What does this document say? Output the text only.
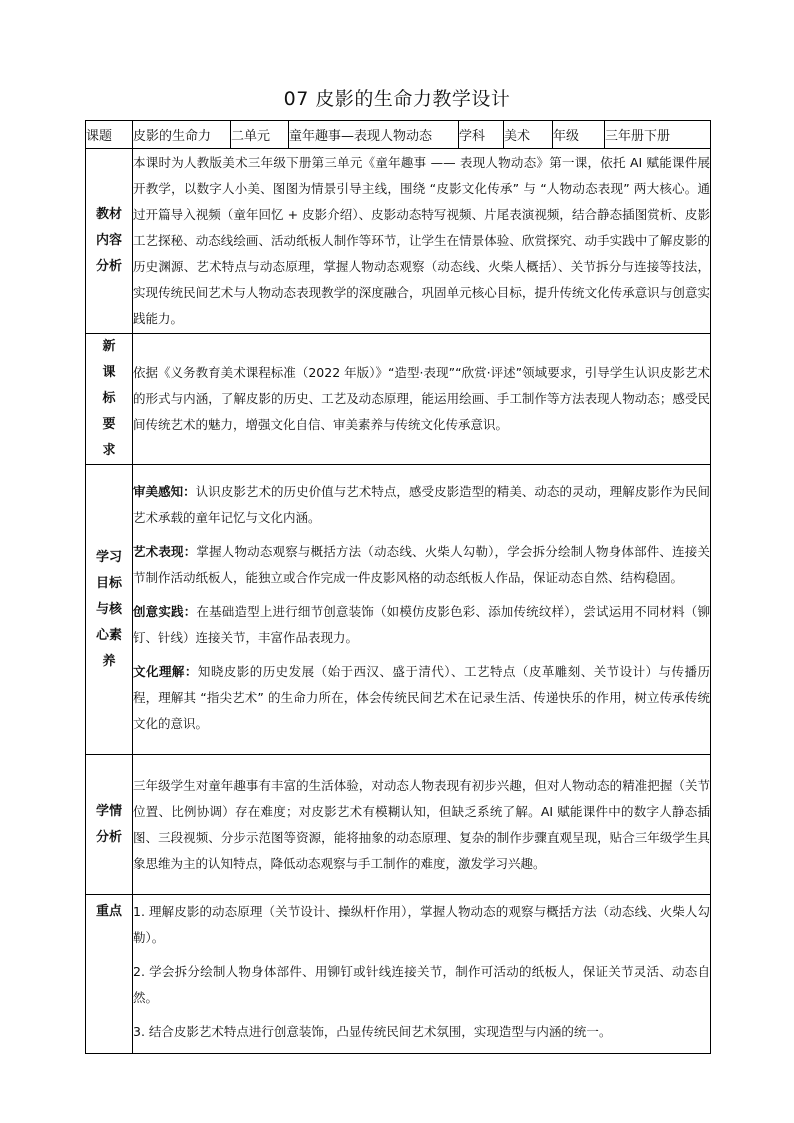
07 皮影的生命力教学设计
课题	皮影的生命力	二单元	童年趣事—表现人物动态	学科	美术	年级	三年册下册

教材内容分析	本课时为人教版美术三年级下册第三单元《童年趣事 —— 表现人物动态》第一课，依托 AI 赋能课件展开教学，以数字人小美、图图为情景引导主线，围绕 “皮影文化传承” 与 “人物动态表现” 两大核心。通过开篇导入视频（童年回忆 + 皮影介绍）、皮影动态特写视频、片尾表演视频，结合静态插图赏析、皮影工艺探秘、动态线绘画、活动纸板人制作等环节，让学生在情景体验、欣赏探究、动手实践中了解皮影的历史渊源、艺术特点与动态原理，掌握人物动态观察（动态线、火柴人概括）、关节拆分与连接等技法，实现传统民间艺术与人物动态表现教学的深度融合，巩固单元核心目标，提升传统文化传承意识与创意实践能力。						

新课标要求	依据《义务教育美术课程标准（2022 年版）》“造型·表现”“欣赏·评述”领域要求，引导学生认识皮影艺术的形式与内涵，了解皮影的历史、工艺及动态原理，能运用绘画、手工制作等方法表现人物动态；感受民间传统艺术的魅力，增强文化自信、审美素养与传统文化传承意识。						

学习目标与核心素养	审美感知：认识皮影艺术的历史价值与艺术特点，感受皮影造型的精美、动态的灵动，理解皮影作为民间艺术承载的童年记忆与文化内涵。
艺术表现：掌握人物动态观察与概括方法（动态线、火柴人勾勒），学会拆分绘制人物身体部件、连接关节制作活动纸板人，能独立或合作完成一件皮影风格的动态纸板人作品，保证动态自然、结构稳固。
创意实践：在基础造型上进行细节创意装饰（如模仿皮影色彩、添加传统纹样），尝试运用不同材料（铆钉、针线）连接关节，丰富作品表现力。
文化理解：知晓皮影的历史发展（始于西汉、盛于清代）、工艺特点（皮革雕刻、关节设计）与传播历程，理解其 “指尖艺术” 的生命力所在，体会传统民间艺术在记录生活、传递快乐的作用，树立传承传统文化的意识。						

学情分析	三年级学生对童年趣事有丰富的生活体验，对动态人物表现有初步兴趣，但对人物动态的精准把握（关节位置、比例协调）存在难度；对皮影艺术有模糊认知，但缺乏系统了解。AI 赋能课件中的数字人静态插图、三段视频、分步示范图等资源，能将抽象的动态原理、复杂的制作步骤直观呈现，贴合三年级学生具象思维为主的认知特点，降低动态观察与手工制作的难度，激发学习兴趣。						
重点	1. 理解皮影的动态原理（关节设计、操纵杆作用），掌握人物动态的观察与概括方法（动态线、火柴人勾勒）。
2. 学会拆分绘制人物身体部件、用铆钉或针线连接关节，制作可活动的纸板人，保证关节灵活、动态自然。
3. 结合皮影艺术特点进行创意装饰，凸显传统民间艺术氛围，实现造型与内涵的统一。						
